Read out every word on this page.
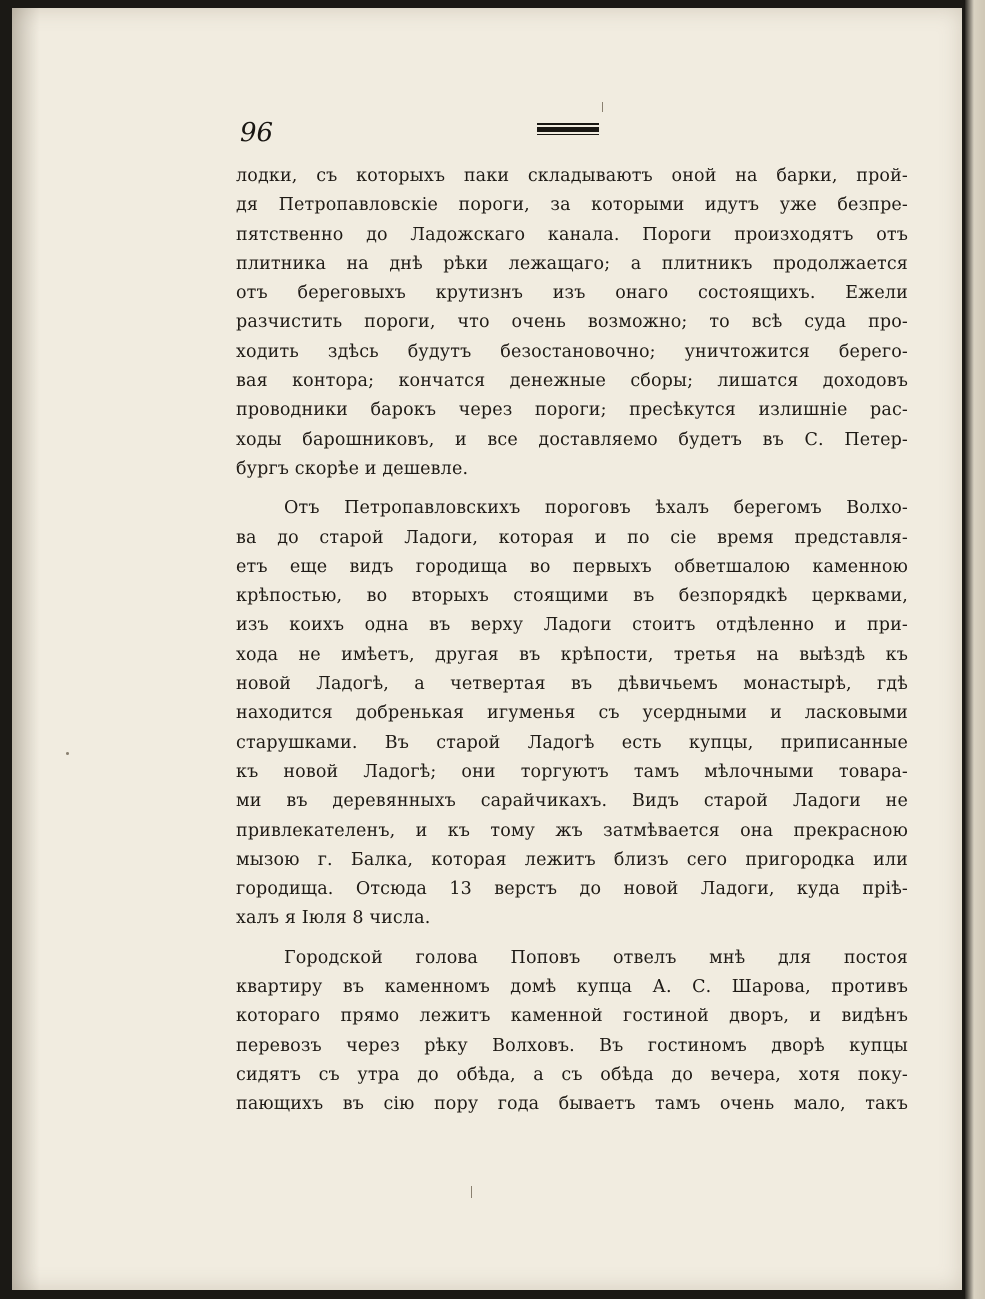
96
лодки, съ которыхъ паки складываютъ оной на барки, прой-
дя Петропавловскіе пороги, за которыми идутъ уже безпре-
пятственно до Ладожскаго канала. Пороги произходятъ отъ
плитника на днѣ рѣки лежащаго; а плитникъ продолжается
отъ береговыхъ крутизнъ изъ онаго состоящихъ. Ежели
разчистить пороги, что очень возможно; то всѣ суда про-
ходить здѣсь будутъ безостановочно; уничтожится берего-
вая контора; кончатся денежные сборы; лишатся доходовъ
проводники барокъ через пороги; пресѣкутся излишніе рас-
ходы барошниковъ, и все доставляемо будетъ въ С. Петер-
бургъ скорѣе и дешевле.
Отъ Петропавловскихъ пороговъ ѣхалъ берегомъ Волхо-
ва до старой Ладоги, которая и по сіе время представля-
етъ еще видъ городища во первыхъ обветшалою каменною
крѣпостью, во вторыхъ стоящими въ безпорядкѣ церквами,
изъ коихъ одна въ верху Ладоги стоитъ отдѣленно и при-
хода не имѣетъ, другая въ крѣпости, третья на выѣздѣ къ
новой Ладогѣ, а четвертая въ дѣвичьемъ монастырѣ, гдѣ
находится добренькая игуменья съ усердными и ласковыми
старушками. Въ старой Ладогѣ есть купцы, приписанные
къ новой Ладогѣ; они торгуютъ тамъ мѣлочными товара-
ми въ деревянныхъ сарайчикахъ. Видъ старой Ладоги не
привлекателенъ, и къ тому жъ затмѣвается она прекрасною
мызою г. Балка, которая лежитъ близъ сего пригородка или
городища. Отсюда 13 верстъ до новой Ладоги, куда прiѣ-
халъ я Iюля 8 числа.
Городской голова Поповъ отвелъ мнѣ для постоя
квартиру въ каменномъ домѣ купца А. С. Шарова, противъ
котораго прямо лежитъ каменной гостиной дворъ, и видѣнъ
перевозъ через рѣку Волховъ. Въ гостиномъ дворѣ купцы
сидятъ съ утра до обѣда, а съ обѣда до вечера, хотя поку-
пающихъ въ сію пору года бываетъ тамъ очень мало, такъ
